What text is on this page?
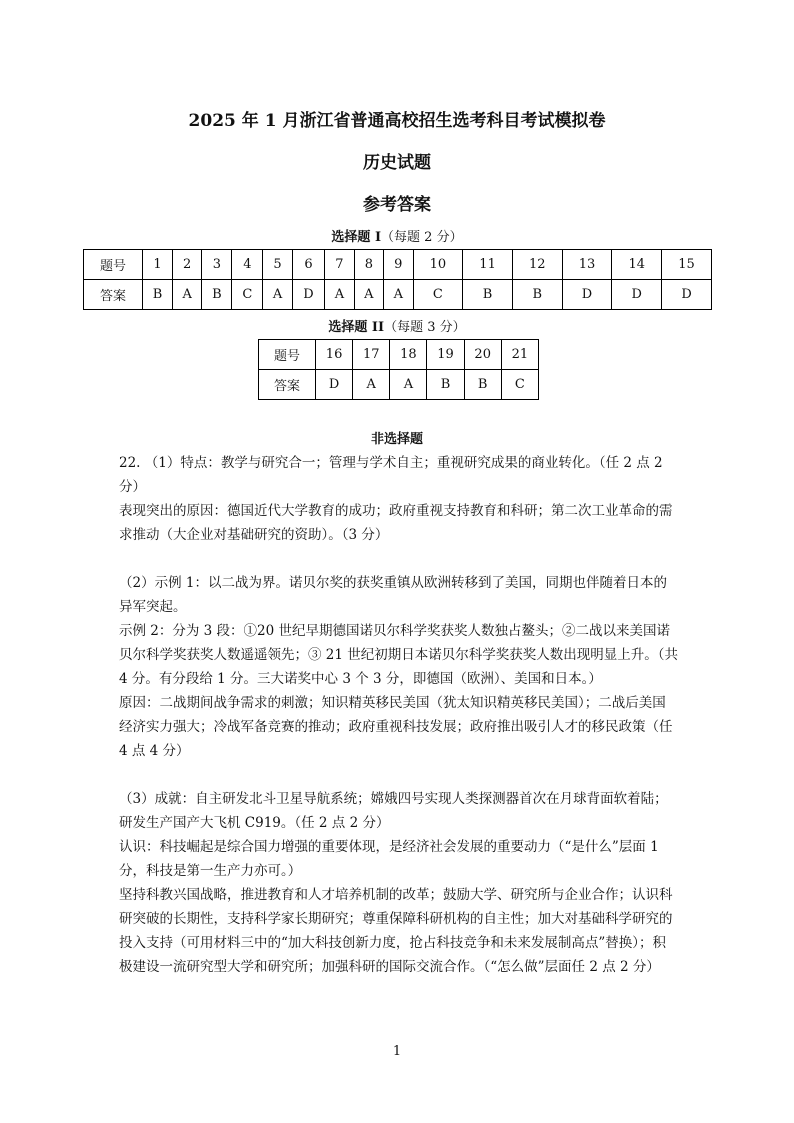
2025 年 1 月浙江省普通高校招生选考科目考试模拟卷
历史试题
参考答案
选择题 I（每题 2 分）
题号	1	2	3	4	5	6	7	8	9	10	11	12	13	14	15
答案	B	A	B	C	A	D	A	A	A	C	B	B	D	D	D
选择题 II（每题 3 分）
题号	16	17	18	19	20	21
答案	D	A	A	B	B	C
非选择题
22. （1）特点：教学与研究合一；管理与学术自主；重视研究成果的商业转化。（任 2 点 2 分）
表现突出的原因：德国近代大学教育的成功；政府重视支持教育和科研；第二次工业革命的需求推动（大企业对基础研究的资助）。（3 分）
（2）示例 1：以二战为界。诺贝尔奖的获奖重镇从欧洲转移到了美国，同期也伴随着日本的异军突起。
示例 2：分为 3 段：①20 世纪早期德国诺贝尔科学奖获奖人数独占鳌头；②二战以来美国诺贝尔科学奖获奖人数遥遥领先；③ 21 世纪初期日本诺贝尔科学奖获奖人数出现明显上升。（共 4 分。有分段给 1 分。三大诺奖中心 3 个 3 分，即德国（欧洲）、美国和日本。）
原因：二战期间战争需求的刺激；知识精英移民美国（犹太知识精英移民美国）；二战后美国经济实力强大；冷战军备竞赛的推动；政府重视科技发展；政府推出吸引人才的移民政策（任 4 点 4 分）
（3）成就：自主研发北斗卫星导航系统；嫦娥四号实现人类探测器首次在月球背面软着陆；研发生产国产大飞机 C919。（任 2 点 2 分）
认识：科技崛起是综合国力增强的重要体现，是经济社会发展的重要动力（“是什么”层面 1 分，科技是第一生产力亦可。）
坚持科教兴国战略，推进教育和人才培养机制的改革；鼓励大学、研究所与企业合作；认识科研突破的长期性，支持科学家长期研究；尊重保障科研机构的自主性；加大对基础科学研究的投入支持（可用材料三中的“加大科技创新力度，抢占科技竞争和未来发展制高点”替换）；积极建设一流研究型大学和研究所；加强科研的国际交流合作。（“怎么做”层面任 2 点 2 分）
1
